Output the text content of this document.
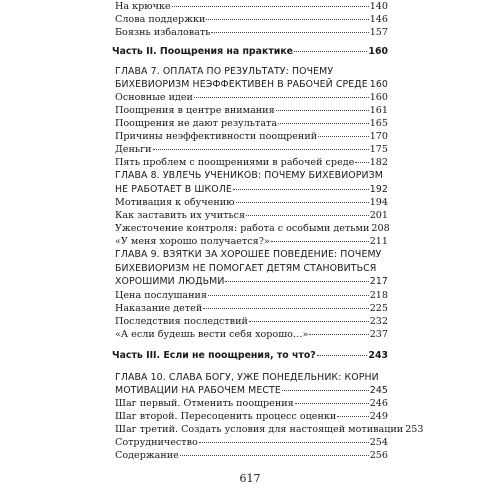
На крючке	140
Слова поддержки	146
Боязнь избаловать	157
Часть II. Поощрения на практике	160
ГЛАВА 7. ОПЛАТА ПО РЕЗУЛЬТАТУ: ПОЧЕМУ
БИХЕВИОРИЗМ НЕЭФФЕКТИВЕН В РАБОЧЕЙ СРЕДЕ 160
Основные идеи	160
Поощрения в центре внимания	161
Поощрения не дают результата	165
Причины неэффективности поощрений	170
Деньги	175
Пять проблем с поощрениями в рабочей среде 182
ГЛАВА 8. УВЛЕЧЬ УЧЕНИКОВ: ПОЧЕМУ БИХЕВИОРИЗМ
НЕ РАБОТАЕТ В ШКОЛЕ	192
Мотивация к обучению	194
Как заставить их учиться	201
Ужесточение контроля: работа с особыми детьми 208
«У меня хорошо получается?»	211
ГЛАВА 9. ВЗЯТКИ ЗА ХОРОШЕЕ ПОВЕДЕНИЕ: ПОЧЕМУ
БИХЕВИОРИЗМ НЕ ПОМОГАЕТ ДЕТЯМ СТАНОВИТЬСЯ
ХОРОШИМИ ЛЮДЬМИ	217
Цена послушания	218
Наказание детей	225
Последствия последствий	232
«А если будешь вести себя хорошо…»	237
Часть III. Если не поощрения, то что?	243
ГЛАВА 10. СЛАВА БОГУ, УЖЕ ПОНЕДЕЛЬНИК: КОРНИ
МОТИВАЦИИ НА РАБОЧЕМ МЕСТЕ	245
Шаг первый. Отменить поощрения	246
Шаг второй. Пересоценить процесс оценки	249
Шаг третий. Создать условия для настоящей мотивации 253
Сотрудничество	254
Содержание	256
617
